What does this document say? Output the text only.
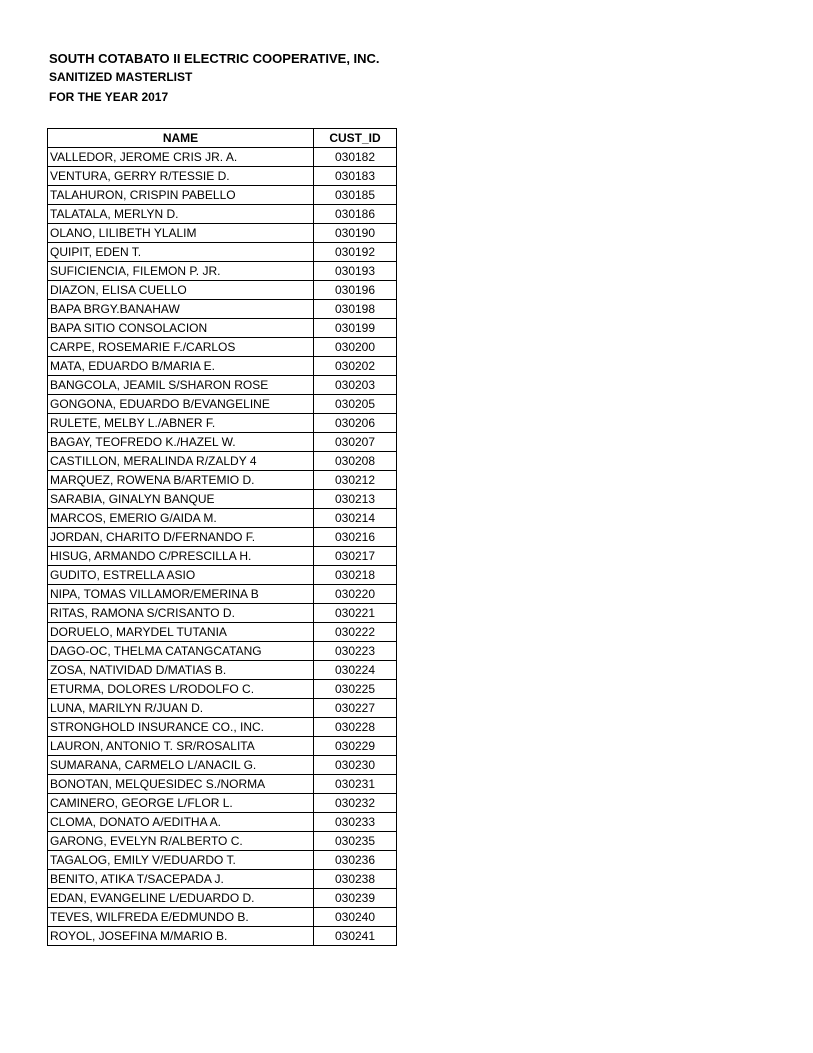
SOUTH COTABATO II ELECTRIC COOPERATIVE, INC.
SANITIZED MASTERLIST
FOR THE YEAR 2017
NAME	CUST_ID
VALLEDOR, JEROME CRIS JR. A.	030182
VENTURA, GERRY R/TESSIE D.	030183
TALAHURON, CRISPIN PABELLO	030185
TALATALA, MERLYN D.	030186
OLANO, LILIBETH YLALIM	030190
QUIPIT, EDEN T.	030192
SUFICIENCIA, FILEMON P. JR.	030193
DIAZON, ELISA CUELLO	030196
BAPA BRGY.BANAHAW	030198
BAPA SITIO CONSOLACION	030199
CARPE, ROSEMARIE F./CARLOS	030200
MATA, EDUARDO B/MARIA E.	030202
BANGCOLA, JEAMIL S/SHARON ROSE	030203
GONGONA, EDUARDO B/EVANGELINE	030205
RULETE, MELBY L./ABNER F.	030206
BAGAY, TEOFREDO K./HAZEL W.	030207
CASTILLON, MERALINDA R/ZALDY 4	030208
MARQUEZ, ROWENA B/ARTEMIO D.	030212
SARABIA, GINALYN BANQUE	030213
MARCOS, EMERIO G/AIDA M.	030214
JORDAN, CHARITO D/FERNANDO F.	030216
HISUG, ARMANDO C/PRESCILLA H.	030217
GUDITO, ESTRELLA ASIO	030218
NIPA, TOMAS VILLAMOR/EMERINA B	030220
RITAS, RAMONA S/CRISANTO D.	030221
DORUELO, MARYDEL TUTANIA	030222
DAGO-OC, THELMA CATANGCATANG	030223
ZOSA, NATIVIDAD D/MATIAS B.	030224
ETURMA, DOLORES L/RODOLFO C.	030225
LUNA, MARILYN R/JUAN D.	030227
STRONGHOLD INSURANCE CO., INC.	030228
LAURON, ANTONIO T. SR/ROSALITA	030229
SUMARANA, CARMELO L/ANACIL G.	030230
BONOTAN, MELQUESIDEC S./NORMA	030231
CAMINERO, GEORGE L/FLOR L.	030232
CLOMA, DONATO A/EDITHA A.	030233
GARONG, EVELYN R/ALBERTO C.	030235
TAGALOG, EMILY V/EDUARDO T.	030236
BENITO, ATIKA T/SACEPADA J.	030238
EDAN, EVANGELINE L/EDUARDO D.	030239
TEVES, WILFREDA E/EDMUNDO B.	030240
ROYOL, JOSEFINA M/MARIO B.	030241
